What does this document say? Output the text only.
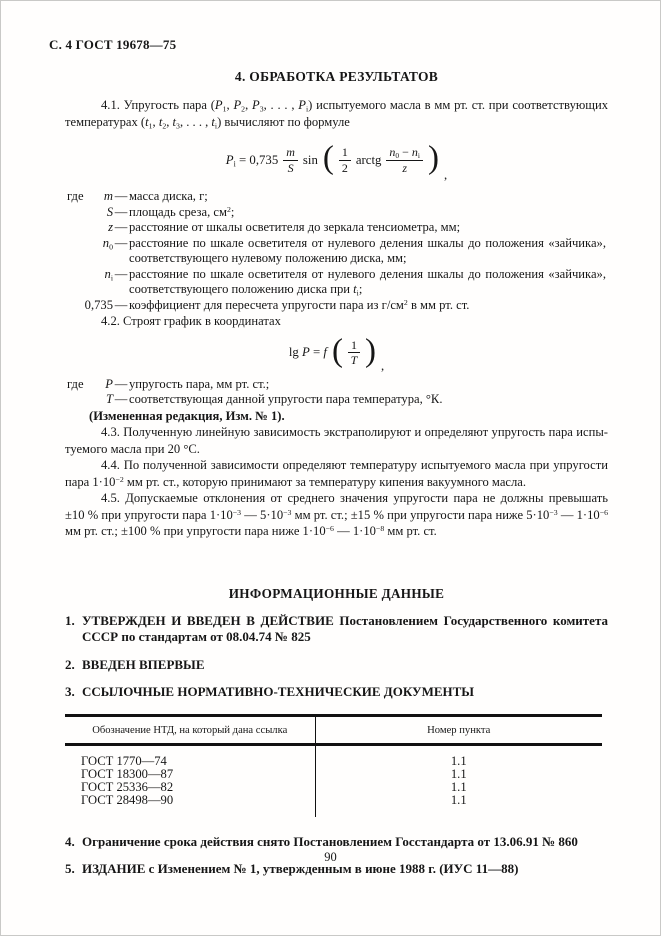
С. 4 ГОСТ 19678—75
4. ОБРАБОТКА РЕЗУЛЬТАТОВ

4.1. Упругость пара ($P_1$, $P_2$, $P_3$, . . . , $P_i$) испытуемого масла в мм рт. ст. при соответствующих температурах ($t_1$, $t_2$, $t_3$, . . . , $t_i$) вычисляют по формуле

$P_i = 0,735 \frac{m}{S}$ sin ( $\frac{1}{2}$ arctg $\frac{n_0 - n_i}{z}$ ) ,
где	m — масса диска, г;
S — площадь среза, $см^2$;
z — расстояние от шкалы осветителя до зеркала тенсиометра, мм;
$n_0$ — расстояние по шкале осветителя от нулевого деления шкалы до положения «зайчика», соответствующего нулевому положению диска, мм;
$n_i$ — расстояние по шкале осветителя от нулевого деления шкалы до положения «зайчика», соответствующего положению диска при $t_i$;
0,735 — коэффициент для пересчета упругости пара из $г/см^2$ в мм рт. ст.

4.2. Строят график в координатах

lg P = f ( $\frac{1}{T}$ ) ,
где	P — упругость пара, мм рт. ст.;
T — соответствующая данной упругости пара температура, °К.

(Измененная редакция, Изм. № 1).

4.3. Полученную линейную зависимость экстраполируют и определяют упругость пара испытуемого масла при 20 °С.

4.4. По полученной зависимости определяют температуру испытуемого масла при упругости пара $1\cdot 10^{-2}$ мм рт. ст., которую принимают за температуру кипения вакуумного масла.

4.5. Допускаемые отклонения от среднего значения упругости пара не должны превышать ±10 % при упругости пара $1\cdot 10^{-3}$ — $5\cdot 10^{-3}$ мм рт. ст.; ±15 % при упругости пара ниже $5\cdot 10^{-3}$ — $1\cdot 10^{-6}$ мм рт. ст.; ±100 % при упругости пара ниже $1\cdot 10^{-6}$ — $1\cdot 10^{-8}$ мм рт. ст.

ИНФОРМАЦИОННЫЕ ДАННЫЕ
1. УТВЕРЖДЕН И ВВЕДЕН В ДЕЙСТВИЕ Постановлением Государственного комитета СССР по стандартам от 08.04.74 № 825
2. ВВЕДЕН ВПЕРВЫЕ
3. ССЫЛОЧНЫЕ НОРМАТИВНО-ТЕХНИЧЕСКИЕ ДОКУМЕНТЫ
Обозначение НТД, на который дана ссылка	Номер пункта
ГОСТ 1770—74	1.1
ГОСТ 18300—87	1.1
ГОСТ 25336—82	1.1
ГОСТ 28498—90	1.1
4. Ограничение срока действия снято Постановлением Госстандарта от 13.06.91 № 860
5. ИЗДАНИЕ с Изменением № 1, утвержденным в июне 1988 г. (ИУС 11—88)
90
